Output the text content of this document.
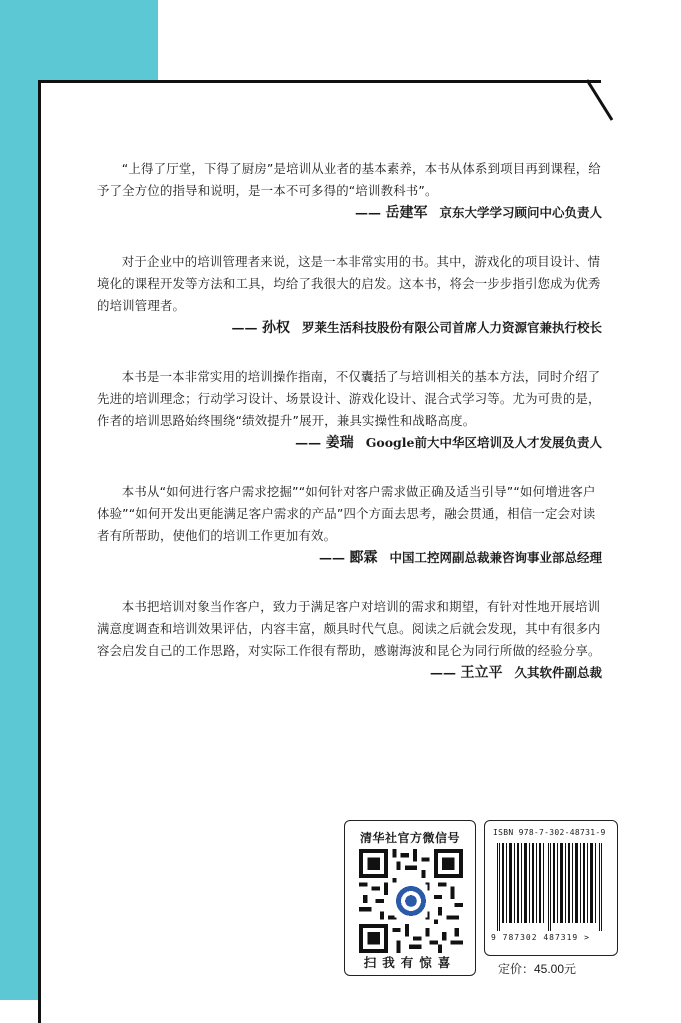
“上得了厅堂，下得了厨房”是培训从业者的基本素养，本书从体系到项目再到课程，给予了全方位的指导和说明，是一本不可多得的“培训教科书”。

—— 岳建军 京东大学学习顾问中心负责人

对于企业中的培训管理者来说，这是一本非常实用的书。其中，游戏化的项目设计、情境化的课程开发等方法和工具，均给了我很大的启发。这本书，将会一步步指引您成为优秀的培训管理者。

—— 孙权 罗莱生活科技股份有限公司首席人力资源官兼执行校长

本书是一本非常实用的培训操作指南，不仅囊括了与培训相关的基本方法，同时介绍了先进的培训理念；行动学习设计、场景设计、游戏化设计、混合式学习等。尤为可贵的是，作者的培训思路始终围绕“绩效提升”展开，兼具实操性和战略高度。

—— 姜瑞 Google前大中华区培训及人才发展负责人

本书从“如何进行客户需求挖掘”“如何针对客户需求做正确及适当引导”“如何增进客户体验”“如何开发出更能满足客户需求的产品”四个方面去思考，融会贯通，相信一定会对读者有所帮助，使他们的培训工作更加有效。

—— 郾霖 中国工控网副总裁兼咨询事业部总经理

本书把培训对象当作客户，致力于满足客户对培训的需求和期望，有针对性地开展培训满意度调查和培训效果评估，内容丰富，颇具时代气息。阅读之后就会发现，其中有很多内容会启发自己的工作思路，对实际工作很有帮助，感谢海波和昆仑为同行所做的经验分享。

—— 王立平 久其软件副总裁

清华社官方微信号
扫我有惊喜
ISBN 978-7-302-48731-9
9 787302 487319 >
定价：45.00元
